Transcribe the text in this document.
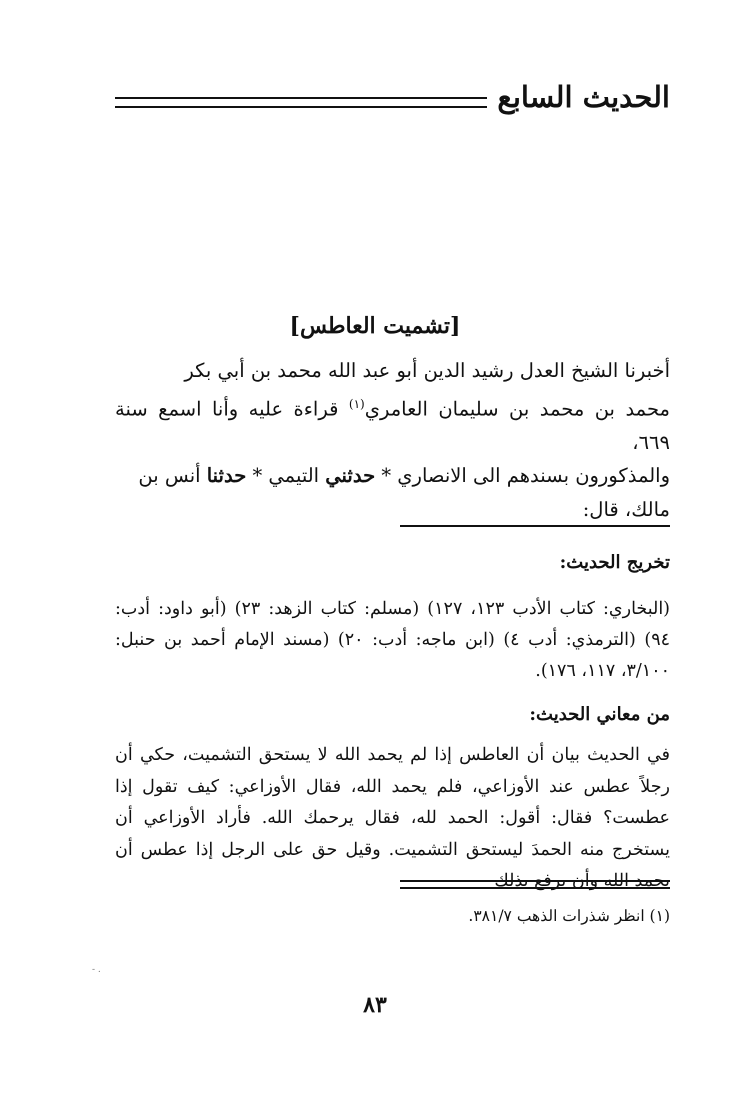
الحديث السابع
[تشميت العاطس]

أخبرنا الشيخ العدل رشيد الدين أبو عبد الله محمد بن أبي بكر

محمد بن محمد بن سليمان العامري$^{(١)}$ قراءة عليه وأنا اسمع سنة ٦٦٩،

والمذكورون بسندهم الى الانصاري * حدثني التيمي * حدثنا أنس بن

مالك، قال:

تخريج الحديث:
(البخاري: كتاب الأدب ١٢٣، ١٢٧) (مسلم: كتاب الزهد: ٢٣) (أبو داود: أدب: ٩٤) (الترمذي: أدب ٤) (ابن ماجه: أدب: ٢٠) (مسند الإمام أحمد بن حنبل: ٣/١٠٠، ١١٧، ١٧٦).
من معاني الحديث:
في الحديث بيان أن العاطس إذا لم يحمد الله لا يستحق التشميت، حكي أن رجلاً عطس عند الأوزاعي، فلم يحمد الله، فقال الأوزاعي: كيف تقول إذا عطست؟ فقال: أقول: الحمد لله، فقال يرحمك الله. فأراد الأوزاعي أن يستخرج منه الحمدَ ليستحق التشميت. وقيل حق على الرجل إذا عطس أن يحمد الله وأن يرفع بذلك
(١) انظر شذرات الذهب ٣٨١/٧.
. -
٨٣
